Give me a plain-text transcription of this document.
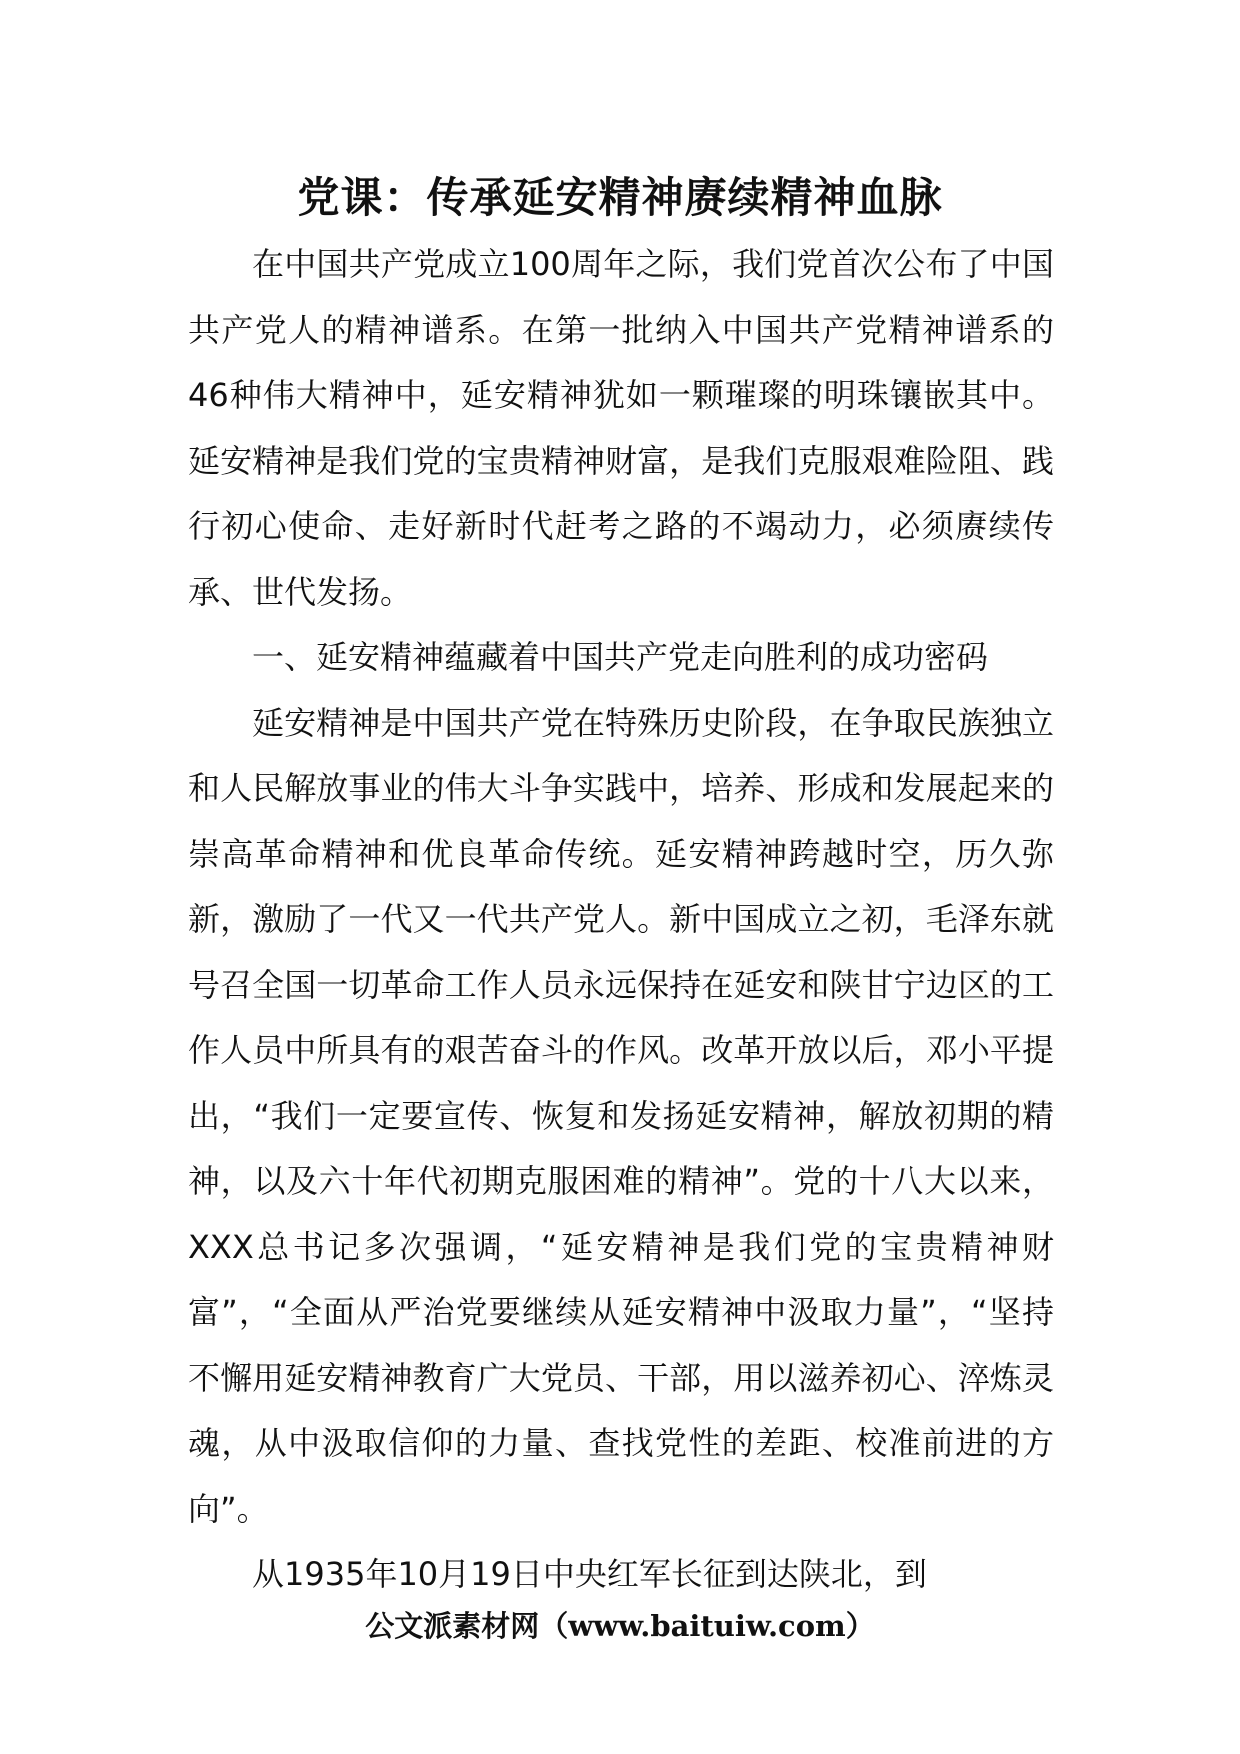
党课：传承延安精神赓续精神血脉

在中国共产党成立100周年之际，我们党首次公布了中国共产党人的精神谱系。在第一批纳入中国共产党精神谱系的46种伟大精神中，延安精神犹如一颗璀璨的明珠镶嵌其中。延安精神是我们党的宝贵精神财富，是我们克服艰难险阻、践行初心使命、走好新时代赶考之路的不竭动力，必须赓续传承、世代发扬。

一、延安精神蕴藏着中国共产党走向胜利的成功密码

延安精神是中国共产党在特殊历史阶段，在争取民族独立和人民解放事业的伟大斗争实践中，培养、形成和发展起来的崇高革命精神和优良革命传统。延安精神跨越时空，历久弥新，激励了一代又一代共产党人。新中国成立之初，毛泽东就号召全国一切革命工作人员永远保持在延安和陕甘宁边区的工作人员中所具有的艰苦奋斗的作风。改革开放以后，邓小平提出，“我们一定要宣传、恢复和发扬延安精神，解放初期的精神，以及六十年代初期克服困难的精神”。党的十八大以来，XXX总书记多次强调，“延安精神是我们党的宝贵精神财富”，“全面从严治党要继续从延安精神中汲取力量”，“坚持不懈用延安精神教育广大党员、干部，用以滋养初心、淬炼灵魂，从中汲取信仰的力量、查找党性的差距、校准前进的方向”。

从1935年10月19日中央红军长征到达陕北，到

公文派素材网（www.baituiw.com）
